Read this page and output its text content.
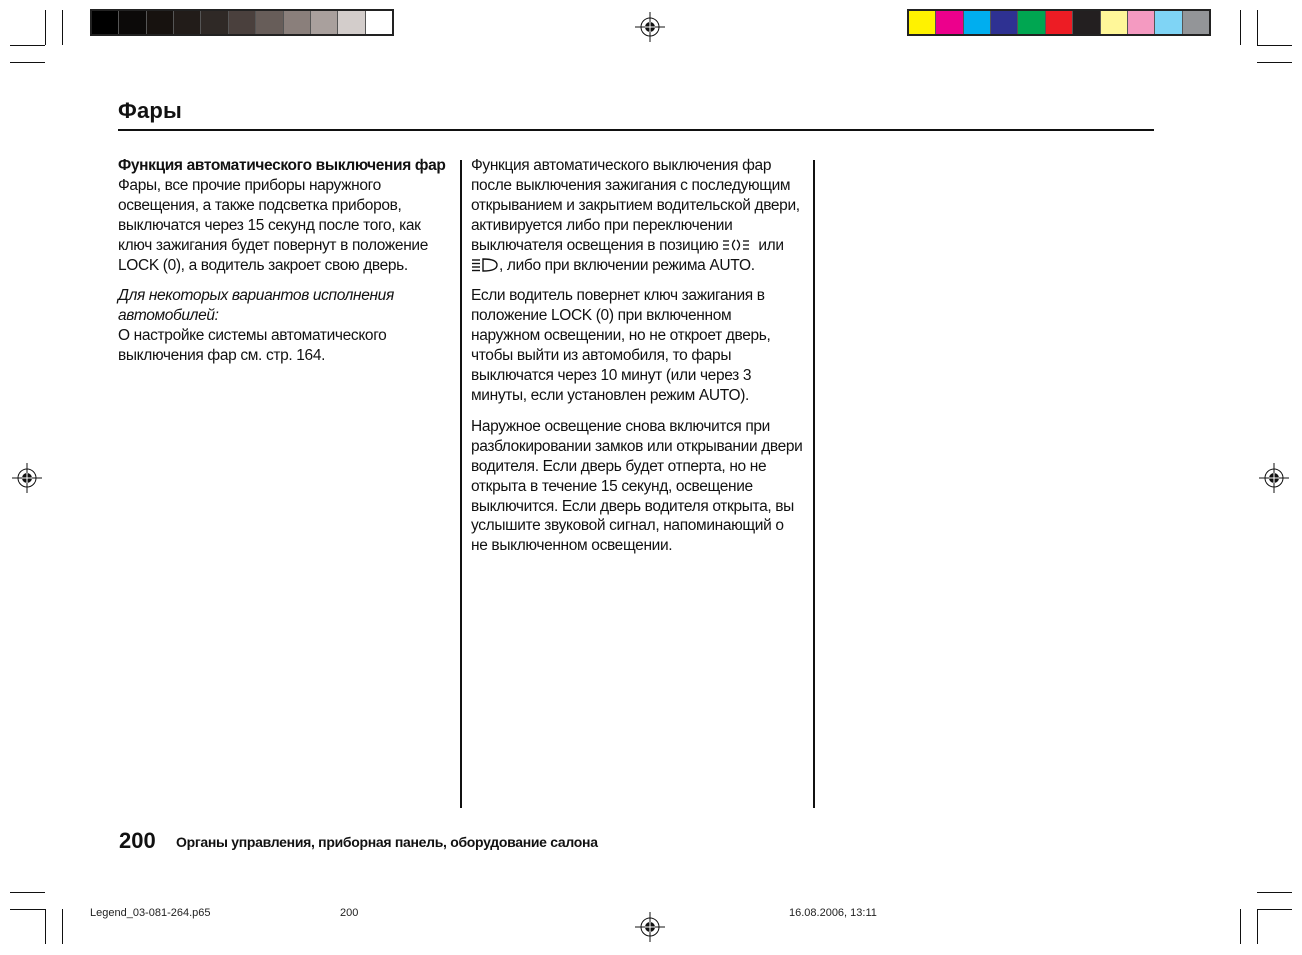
Фары

Функция автоматического выключения фар
Фары, все прочие приборы наружного освещения, а также подсветка приборов, выключатся через 15 секунд после того, как ключ зажигания будет повернут в положение LOCK (0), а водитель закроет свою дверь.

Для некоторых вариантов исполнения автомобилей:
О настройке системы автоматического выключения фар см. стр. 164.

Функция автоматического выключения фар после выключения зажигания с последующим открыванием и закрытием водительской двери, активируется либо при переключении выключателя освещения в позицию	или , либо при включении режима AUTO.

Если водитель повернет ключ зажигания в положение LOCK (0) при включенном наружном освещении, но не откроет дверь, чтобы выйти из автомобиля, то фары выключатся через 10 минут (или через 3 минуты, если установлен режим AUTO).

Наружное освещение снова включится при разблокировании замков или открывании двери водителя. Если дверь будет отперта, но не открыта в течение 15 секунд, освещение выключится. Если дверь водителя открыта, вы услышите звуковой сигнал, напоминающий о не выключенном освещении.

200 Органы управления, приборная панель, оборудование салона
Legend_03-081-264.p65	200	16.08.2006, 13:11
